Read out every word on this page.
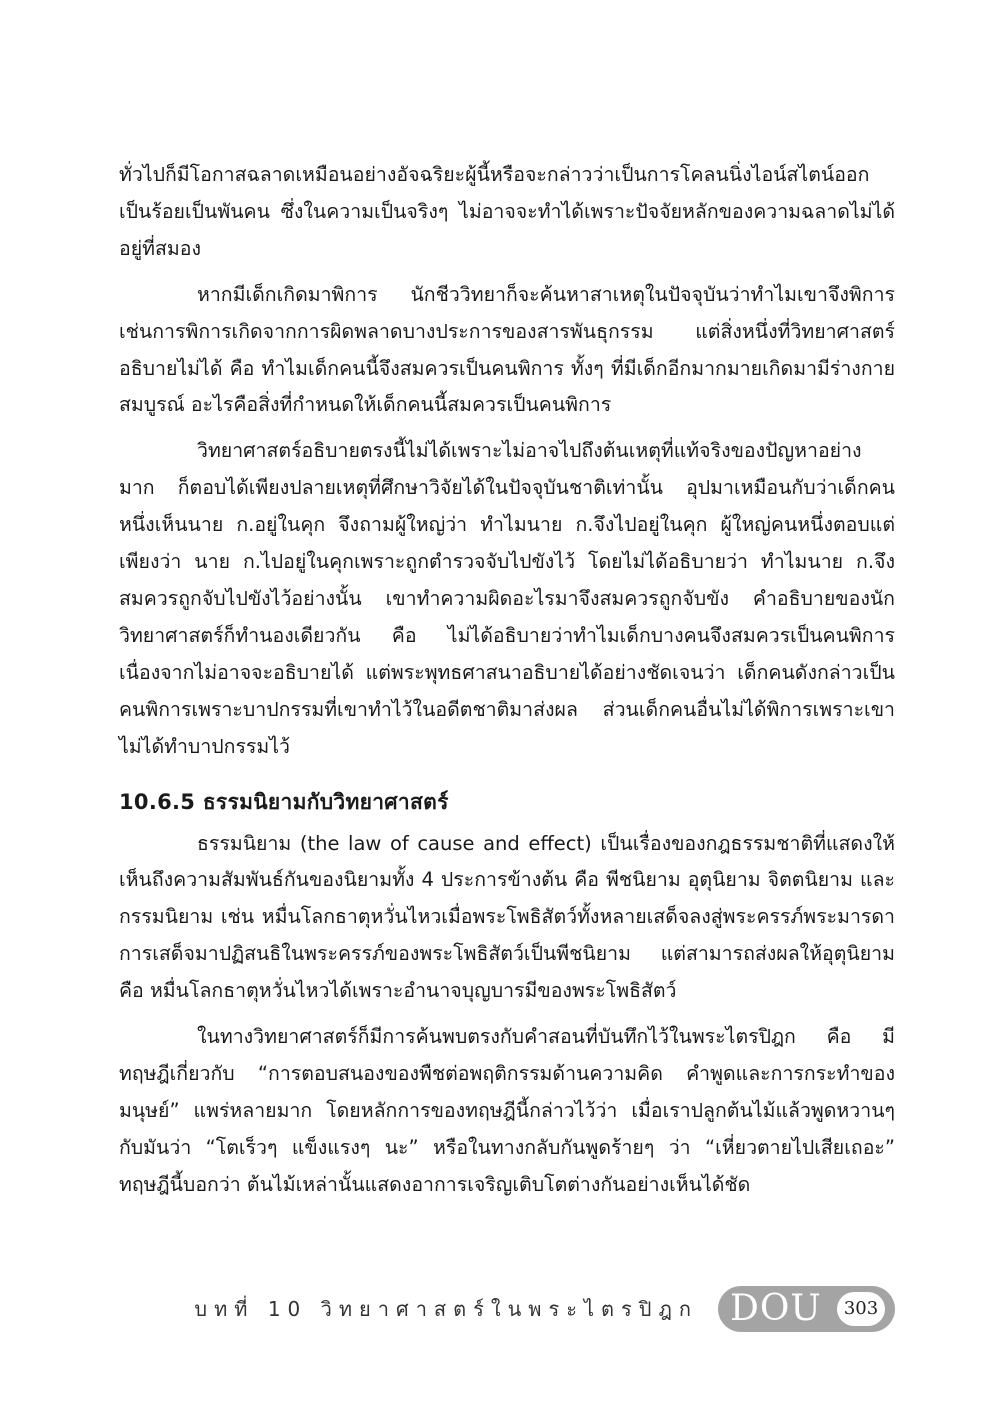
ทั่วไปก็มีโอกาสฉลาดเหมือนอย่างอัจฉริยะผู้นี้หรือจะกล่าวว่าเป็นการโคลนนิ่งไอน์สไตน์ออกเป็นร้อยเป็นพันคน ซึ่งในความเป็นจริงๆ ไม่อาจจะทำได้เพราะปัจจัยหลักของความฉลาดไม่ได้อยู่ที่สมอง

หากมีเด็กเกิดมาพิการ นักชีววิทยาก็จะค้นหาสาเหตุในปัจจุบันว่าทำไมเขาจึงพิการ เช่นการพิการเกิดจากการผิดพลาดบางประการของสารพันธุกรรม แต่สิ่งหนึ่งที่วิทยาศาสตร์อธิบายไม่ได้ คือ ทำไมเด็กคนนี้จึงสมควรเป็นคนพิการ ทั้งๆ ที่มีเด็กอีกมากมายเกิดมามีร่างกายสมบูรณ์ อะไรคือสิ่งที่กำหนดให้เด็กคนนี้สมควรเป็นคนพิการ

วิทยาศาสตร์อธิบายตรงนี้ไม่ได้เพราะไม่อาจไปถึงต้นเหตุที่แท้จริงของปัญหาอย่างมาก ก็ตอบได้เพียงปลายเหตุที่ศึกษาวิจัยได้ในปัจจุบันชาติเท่านั้น อุปมาเหมือนกับว่าเด็กคนหนึ่งเห็นนาย ก.อยู่ในคุก จึงถามผู้ใหญ่ว่า ทำไมนาย ก.จึงไปอยู่ในคุก ผู้ใหญ่คนหนึ่งตอบแต่เพียงว่า นาย ก.ไปอยู่ในคุกเพราะถูกตำรวจจับไปขังไว้ โดยไม่ได้อธิบายว่า ทำไมนาย ก.จึงสมควรถูกจับไปขังไว้อย่างนั้น เขาทำความผิดอะไรมาจึงสมควรถูกจับขัง คำอธิบายของนักวิทยาศาสตร์ก็ทำนองเดียวกัน คือ ไม่ได้อธิบายว่าทำไมเด็กบางคนจึงสมควรเป็นคนพิการ เนื่องจากไม่อาจจะอธิบายได้ แต่พระพุทธศาสนาอธิบายได้อย่างชัดเจนว่า เด็กคนดังกล่าวเป็นคนพิการเพราะบาปกรรมที่เขาทำไว้ในอดีตชาติมาส่งผล ส่วนเด็กคนอื่นไม่ได้พิการเพราะเขาไม่ได้ทำบาปกรรมไว้

10.6.5 ธรรมนิยามกับวิทยาศาสตร์

ธรรมนิยาม (the law of cause and effect) เป็นเรื่องของกฎธรรมชาติที่แสดงให้เห็นถึงความสัมพันธ์กันของนิยามทั้ง 4 ประการข้างต้น คือ พีชนิยาม อุตุนิยาม จิตตนิยาม และกรรมนิยาม เช่น หมื่นโลกธาตุหวั่นไหวเมื่อพระโพธิสัตว์ทั้งหลายเสด็จลงสู่พระครรภ์พระมารดา การเสด็จมาปฏิสนธิในพระครรภ์ของพระโพธิสัตว์เป็นพีชนิยาม แต่สามารถส่งผลให้อุตุนิยามคือ หมื่นโลกธาตุหวั่นไหวได้เพราะอำนาจบุญบารมีของพระโพธิสัตว์

ในทางวิทยาศาสตร์ก็มีการค้นพบตรงกับคำสอนที่บันทึกไว้ในพระไตรปิฎก คือ มีทฤษฎีเกี่ยวกับ “การตอบสนองของพืชต่อพฤติกรรมด้านความคิด คำพูดและการกระทำของมนุษย์” แพร่หลายมาก โดยหลักการของทฤษฎีนี้กล่าวไว้ว่า เมื่อเราปลูกต้นไม้แล้วพูดหวานๆ กับมันว่า “โตเร็วๆ แข็งแรงๆ นะ” หรือในทางกลับกันพูดร้ายๆ ว่า “เหี่ยวตายไปเสียเถอะ” ทฤษฎีนี้บอกว่า ต้นไม้เหล่านั้นแสดงอาการเจริญเติบโตต่างกันอย่างเห็นได้ชัด

บทที่ 10 วิทยาศาสตร์ในพระไตรปิฎก DOU	303
